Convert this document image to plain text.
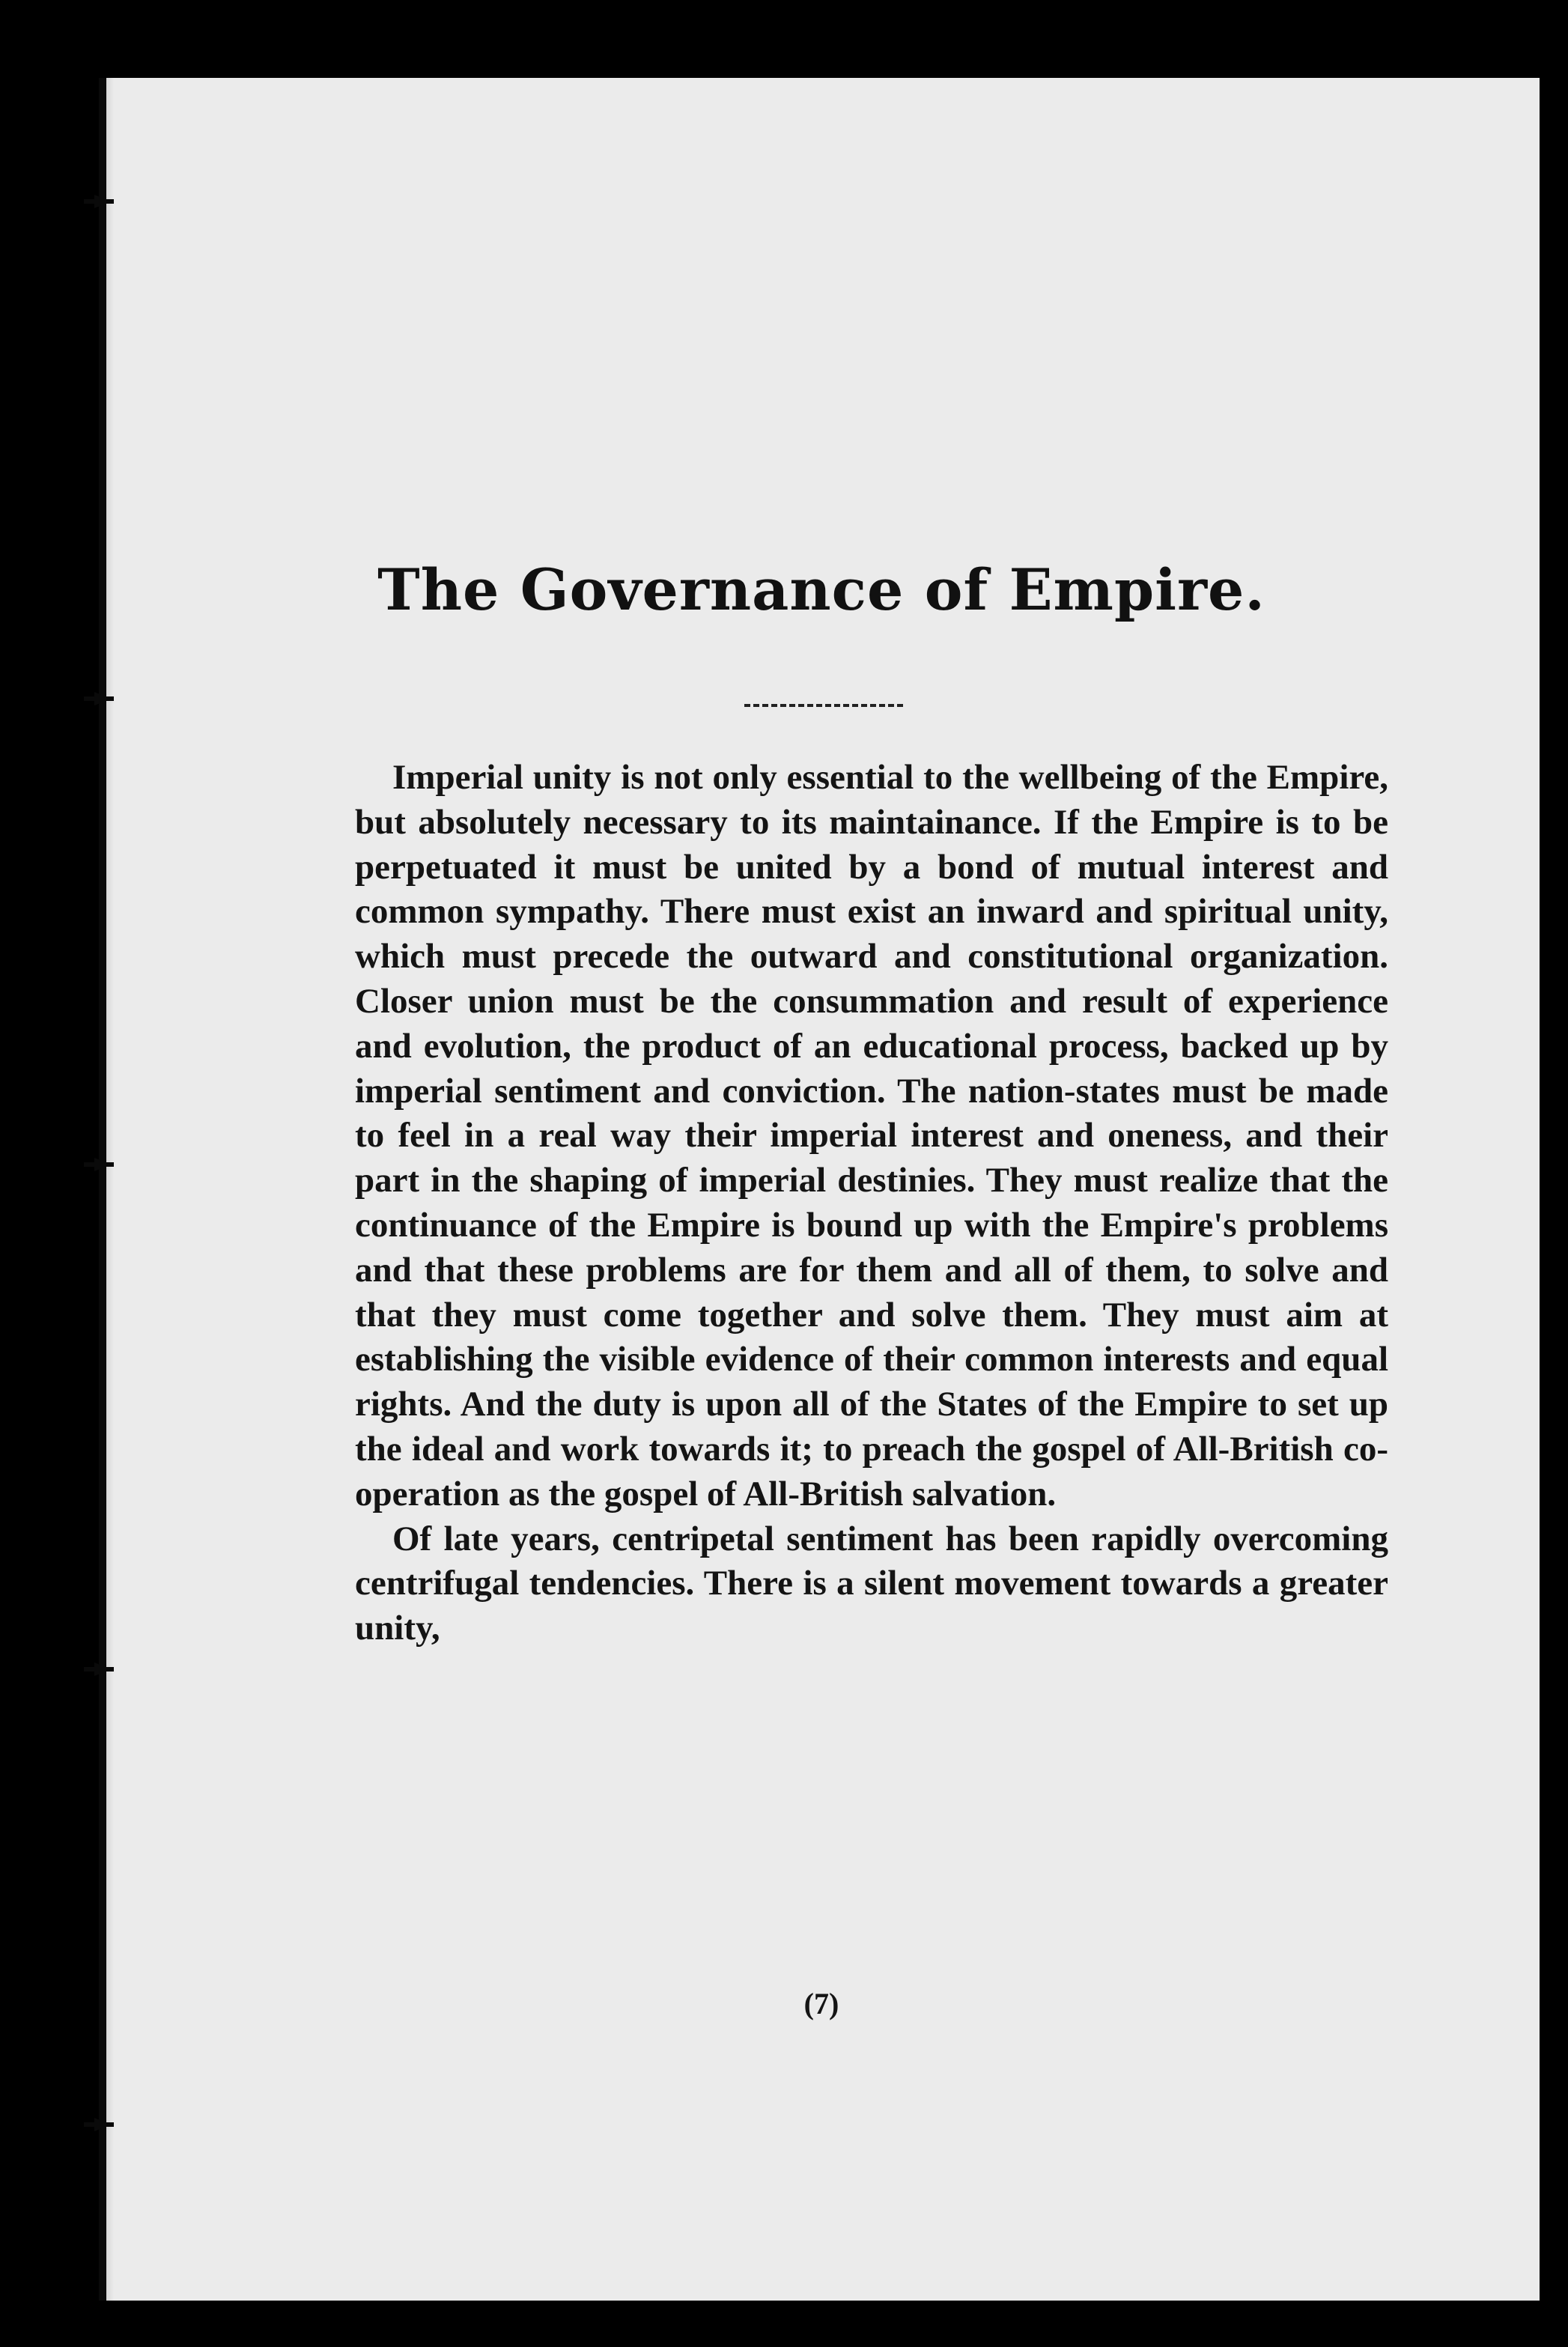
The Governance of Empire.

Imperial unity is not only essential to the wellbeing of the Empire, but absolutely necessary to its maintainance. If the Empire is to be perpetuated it must be united by a bond of mutual interest and common sympathy. There must exist an inward and spiritual unity, which must precede the outward and constitutional organization. Closer union must be the consummation and result of experience and evolution, the product of an educational process, backed up by imperial sentiment and conviction. The nation-states must be made to feel in a real way their imperial interest and oneness, and their part in the shaping of imperial destinies. They must realize that the continuance of the Empire is bound up with the Empire's problems and that these problems are for them and all of them, to solve and that they must come together and solve them. They must aim at establishing the visible evidence of their common interests and equal rights. And the duty is upon all of the States of the Empire to set up the ideal and work towards it; to preach the gospel of All-British co-operation as the gospel of All-British salvation.

Of late years, centripetal sentiment has been rapidly overcoming centrifugal tendencies. There is a silent movement towards a greater unity,

(7)
